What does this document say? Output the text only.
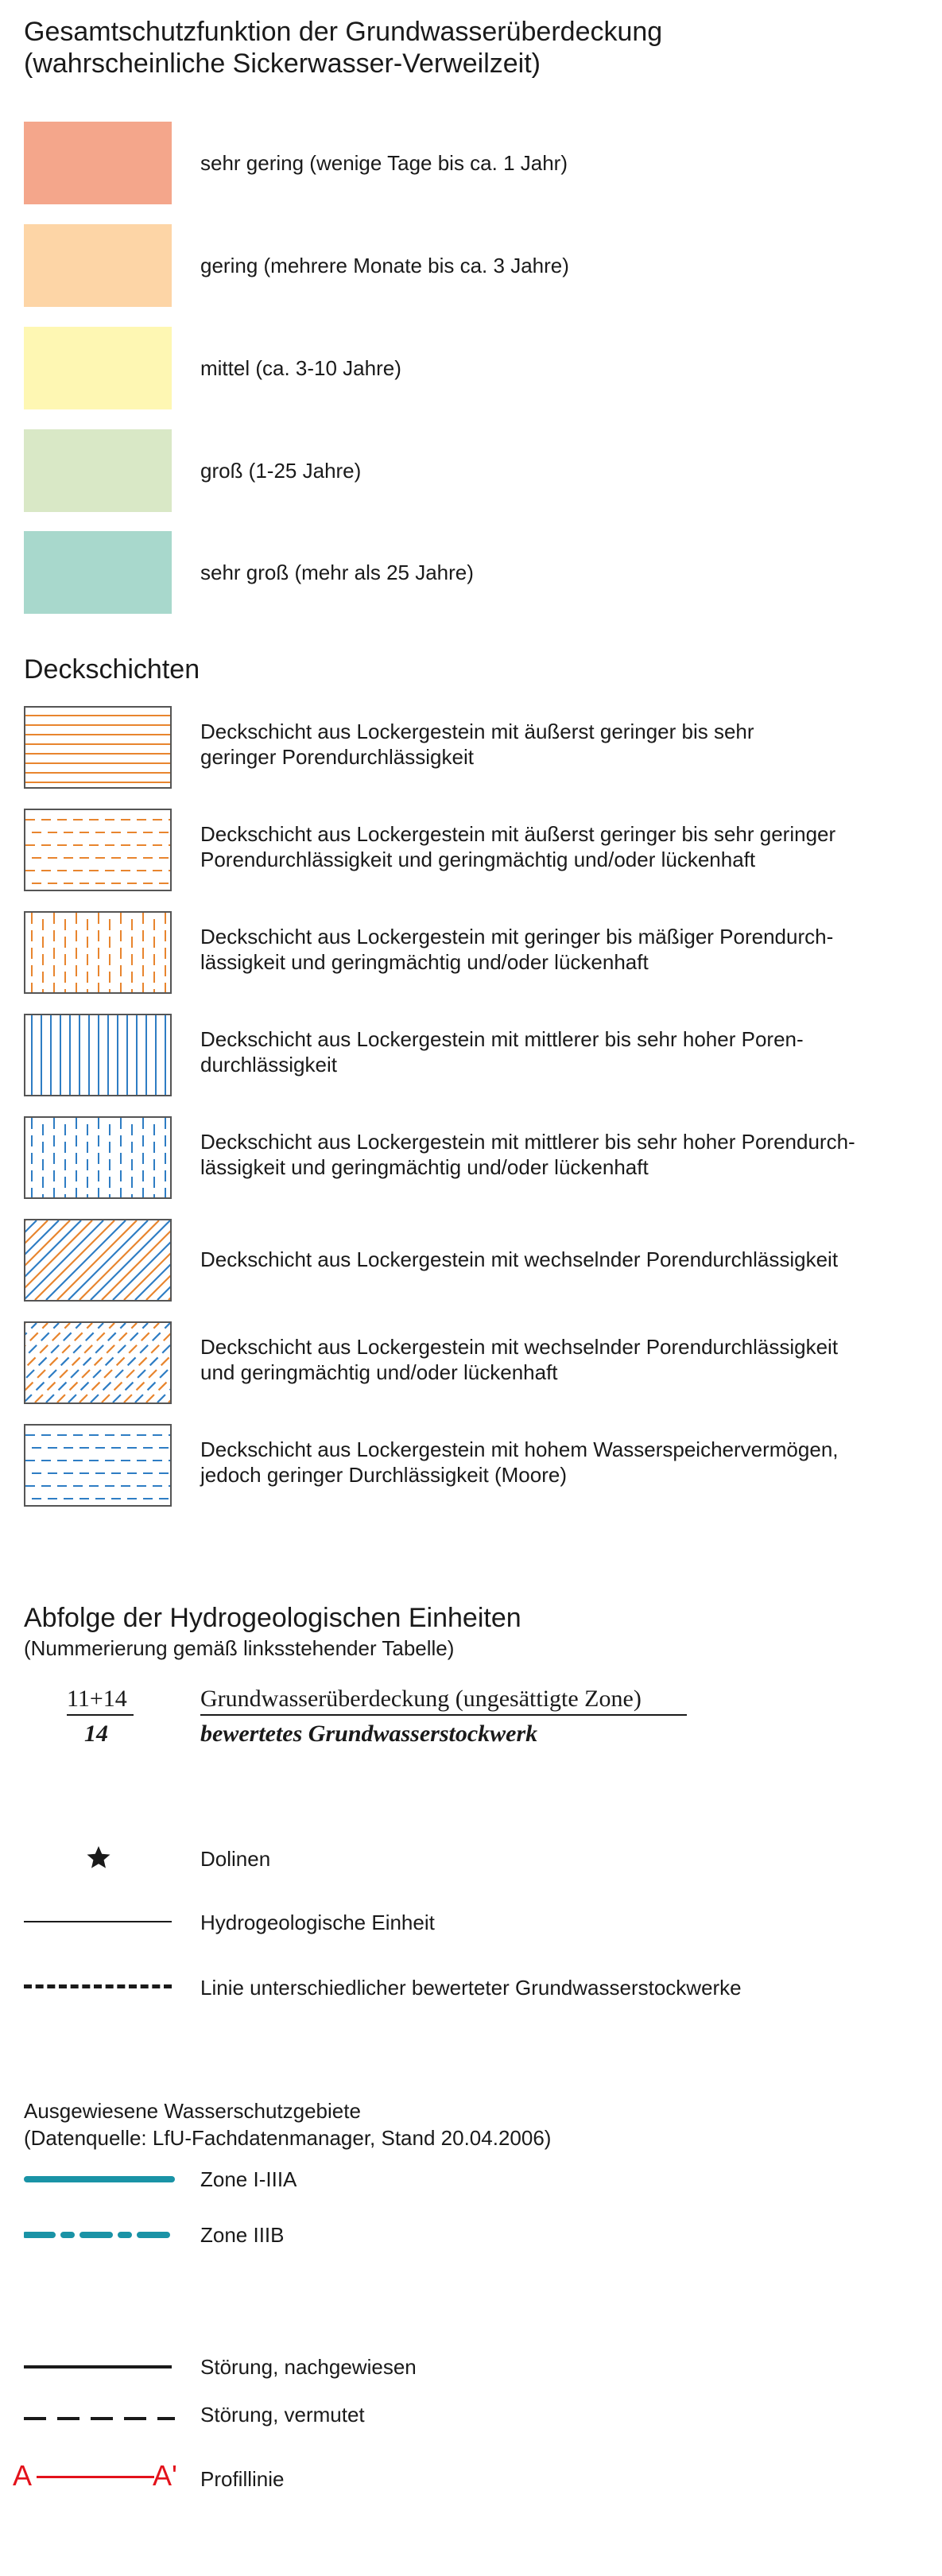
Gesamtschutzfunktion der Grundwasserüberdeckung
(wahrscheinliche Sickerwasser-Verweilzeit)
sehr gering (wenige Tage bis ca. 1 Jahr)
gering (mehrere Monate bis ca. 3 Jahre)
mittel (ca. 3-10 Jahre)
groß (1-25 Jahre)
sehr groß (mehr als 25 Jahre)
Deckschichten
Deckschicht aus Lockergestein mit äußerst geringer bis sehr
geringer Porendurchlässigkeit
Deckschicht aus Lockergestein mit äußerst geringer bis sehr geringer
Porendurchlässigkeit und geringmächtig und/oder lückenhaft
Deckschicht aus Lockergestein mit geringer bis mäßiger Porendurch-
lässigkeit und geringmächtig und/oder lückenhaft
Deckschicht aus Lockergestein mit mittlerer bis sehr hoher Poren-
durchlässigkeit
Deckschicht aus Lockergestein mit mittlerer bis sehr hoher Porendurch-
lässigkeit und geringmächtig und/oder lückenhaft
Deckschicht aus Lockergestein mit wechselnder Porendurchlässigkeit
Deckschicht aus Lockergestein mit wechselnder Porendurchlässigkeit
und geringmächtig und/oder lückenhaft
Deckschicht aus Lockergestein mit hohem Wasserspeichervermögen,
jedoch geringer Durchlässigkeit (Moore)
Abfolge der Hydrogeologischen Einheiten
(Nummerierung gemäß linksstehender Tabelle)
11+14
14
Grundwasserüberdeckung (ungesättigte Zone)
bewertetes Grundwasserstockwerk
Dolinen
Hydrogeologische Einheit
Linie unterschiedlicher bewerteter Grundwasserstockwerke
Ausgewiesene Wasserschutzgebiete
(Datenquelle: LfU-Fachdatenmanager, Stand 20.04.2006)
Zone I-IIIA
Zone IIIB
Störung, nachgewiesen
Störung, vermutet
A	A' Profillinie
